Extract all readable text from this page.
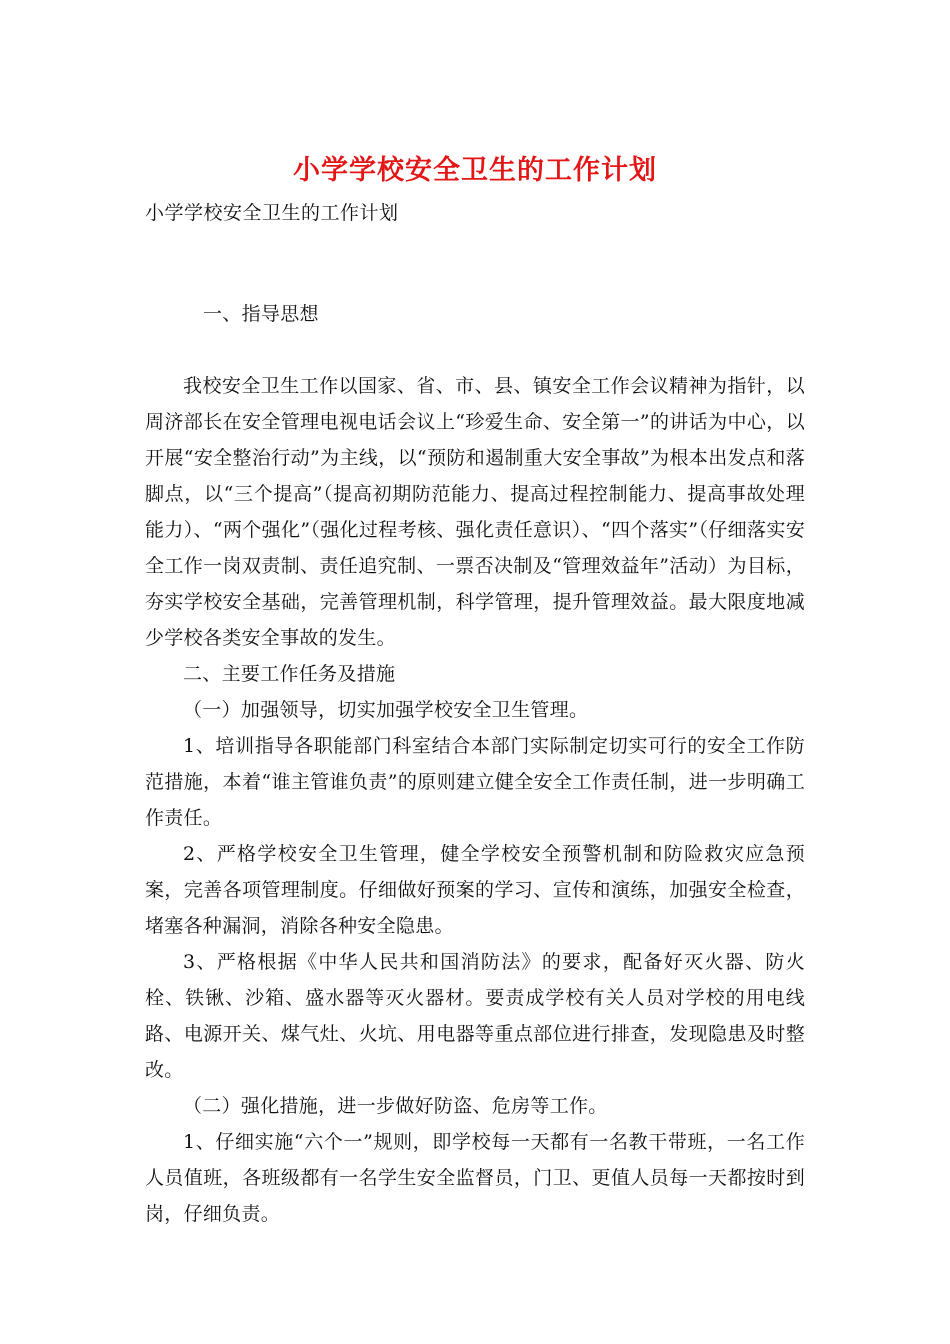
小学学校安全卫生的工作计划
小学学校安全卫生的工作计划

一、指导思想

我校安全卫生工作以国家、省、市、县、镇安全工作会议精神为指针，以周济部长在安全管理电视电话会议上“珍爱生命、安全第一”的讲话为中心，以开展“安全整治行动”为主线，以“预防和遏制重大安全事故”为根本出发点和落脚点，以“三个提高”（提高初期防范能力、提高过程控制能力、提高事故处理能力）、“两个强化”（强化过程考核、强化责任意识）、“四个落实”（仔细落实安全工作一岗双责制、责任追究制、一票否决制及“管理效益年”活动）为目标，夯实学校安全基础，完善管理机制，科学管理，提升管理效益。最大限度地减少学校各类安全事故的发生。

二、主要工作任务及措施

（一）加强领导，切实加强学校安全卫生管理。

1、培训指导各职能部门科室结合本部门实际制定切实可行的安全工作防范措施，本着“谁主管谁负责”的原则建立健全安全工作责任制，进一步明确工作责任。

2、严格学校安全卫生管理，健全学校安全预警机制和防险救灾应急预案，完善各项管理制度。仔细做好预案的学习、宣传和演练，加强安全检查，堵塞各种漏洞，消除各种安全隐患。

3、严格根据《中华人民共和国消防法》的要求，配备好灭火器、防火栓、铁锹、沙箱、盛水器等灭火器材。要责成学校有关人员对学校的用电线路、电源开关、煤气灶、火坑、用电器等重点部位进行排查，发现隐患及时整改。

（二）强化措施，进一步做好防盗、危房等工作。

1、仔细实施“六个一”规则，即学校每一天都有一名教干带班，一名工作人员值班，各班级都有一名学生安全监督员，门卫、更值人员每一天都按时到岗，仔细负责。
